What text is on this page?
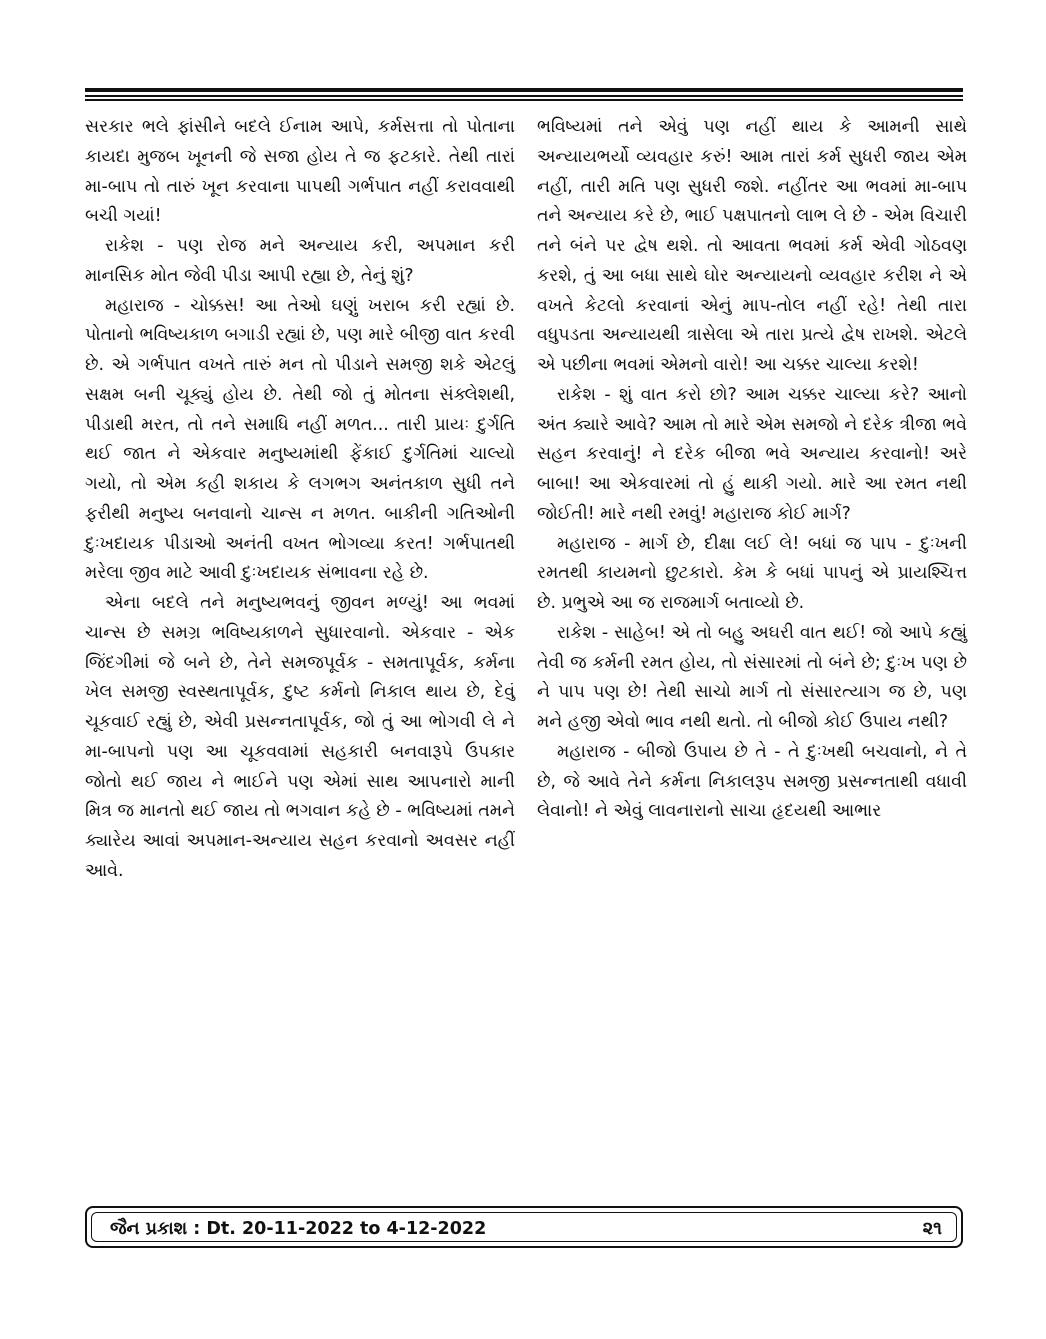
સરકાર ભલે ફાંસીને બદલે ઈનામ આપે, કર્મસત્તા તો પોતાના કાયદા મુજબ ખૂનની જે સજા હોય તે જ ફટકારે. તેથી તારાં મા-બાપ તો તારું ખૂન કરવાના પાપથી ગર્ભપાત નહીં કરાવવાથી બચી ગયાં!

રાકેશ - પણ રોજ મને અન્યાય કરી, અપમાન કરી માનસિક મોત જેવી પીડા આપી રહ્યા છે, તેનું શું?

મહારાજ - ચોક્કસ! આ તેઓ ઘણું ખરાબ કરી રહ્યાં છે. પોતાનો ભવિષ્યકાળ બગાડી રહ્યાં છે, પણ મારે બીજી વાત કરવી છે. એ ગર્ભપાત વખતે તારું મન તો પીડાને સમજી શકે એટલું સક્ષમ બની ચૂક્યું હોય છે. તેથી જો તું મોતના સંક્લેશથી, પીડાથી મરત, તો તને સમાધિ નહીં મળત... તારી પ્રાયઃ દુર્ગતિ થઈ જાત ને એકવાર મનુષ્યમાંથી ફેંકાઈ દુર્ગતિમાં ચાલ્યો ગયો, તો એમ કહી શકાય કે લગભગ અનંતકાળ સુધી તને ફરીથી મનુષ્ય બનવાનો ચાન્સ ન મળત. બાકીની ગતિઓની દુઃખદાયક પીડાઓ અનંતી વખત ભોગવ્યા કરત! ગર્ભપાતથી મરેલા જીવ માટે આવી દુઃખદાયક સંભાવના રહે છે.

એના બદલે તને મનુષ્યભવનું જીવન મળ્યું! આ ભવમાં ચાન્સ છે સમગ્ર ભવિષ્યકાળને સુધારવાનો. એકવાર - એક જિંદગીમાં જે બને છે, તેને સમજપૂર્વક - સમતાપૂર્વક, કર્મના ખેલ સમજી સ્વસ્થતાપૂર્વક, દુષ્ટ કર્મનો નિકાલ થાય છે, દેવું ચૂકવાઈ રહ્યું છે, એવી પ્રસન્નતાપૂર્વક, જો તું આ ભોગવી લે ને મા-બાપનો પણ આ ચૂકવવામાં સહકારી બનવારૂપે ઉપકાર જોતો થઈ જાય ને ભાઈને પણ એમાં સાથ આપનારો માની મિત્ર જ માનતો થઈ જાય તો ભગવાન કહે છે - ભવિષ્યમાં તમને ક્યારેય આવાં અપમાન-અન્યાય સહન કરવાનો અવસર નહીં આવે.

ભવિષ્યમાં તને એવું પણ નહીં થાય કે આમની સાથે અન્યાયભર્યો વ્યવહાર કરું! આમ તારાં કર્મ સુધરી જાય એમ નહીં, તારી મતિ પણ સુધરી જશે. નહીંતર આ ભવમાં મા-બાપ તને અન્યાય કરે છે, ભાઈ પક્ષપાતનો લાભ લે છે - એમ વિચારી તને બંને પર દ્વેષ થશે. તો આવતા ભવમાં કર્મ એવી ગોઠવણ કરશે, તું આ બધા સાથે ઘોર અન્યાયનો વ્યવહાર કરીશ ને એ વખતે કેટલો કરવાનાં એનું માપ-તોલ નહીં રહે! તેથી તારા વધુપડતા અન્યાયથી ત્રાસેલા એ તારા પ્રત્યે દ્વેષ રાખશે. એટલે એ પછીના ભવમાં એમનો વારો! આ ચક્કર ચાલ્યા કરશે!

રાકેશ - શું વાત કરો છો? આમ ચક્કર ચાલ્યા કરે? આનો અંત ક્યારે આવે? આમ તો મારે એમ સમજો ને દરેક ત્રીજા ભવે સહન કરવાનું! ને દરેક બીજા ભવે અન્યાય કરવાનો! અરે બાબા! આ એકવારમાં તો હું થાકી ગયો. મારે આ રમત નથી જોઈતી! મારે નથી રમવું! મહારાજ કોઈ માર્ગ?

મહારાજ - માર્ગ છે, દીક્ષા લઈ લે! બધાં જ પાપ - દુઃખની રમતથી કાયમનો છુટકારો. કેમ કે બધાં પાપનું એ પ્રાયશ્ચિત્ત છે. પ્રભુએ આ જ રાજમાર્ગ બતાવ્યો છે.

રાકેશ - સાહેબ! એ તો બહુ અઘરી વાત થઈ! જો આપે કહ્યું તેવી જ કર્મની રમત હોય, તો સંસારમાં તો બંને છે; દુઃખ પણ છે ને પાપ પણ છે! તેથી સાચો માર્ગ તો સંસારત્યાગ જ છે, પણ મને હજી એવો ભાવ નથી થતો. તો બીજો કોઈ ઉપાય નથી?

મહારાજ - બીજો ઉપાય છે તે - તે દુઃખથી બચવાનો, ને તે છે, જે આવે તેને કર્મના નિકાલરૂપ સમજી પ્રસન્નતાથી વધાવી લેવાનો! ને એવું લાવનારાનો સાચા હૃદયથી આભાર

જૈન પ્રકાશ : Dt. 20-11-2022 to 4-12-2022	૨૧
